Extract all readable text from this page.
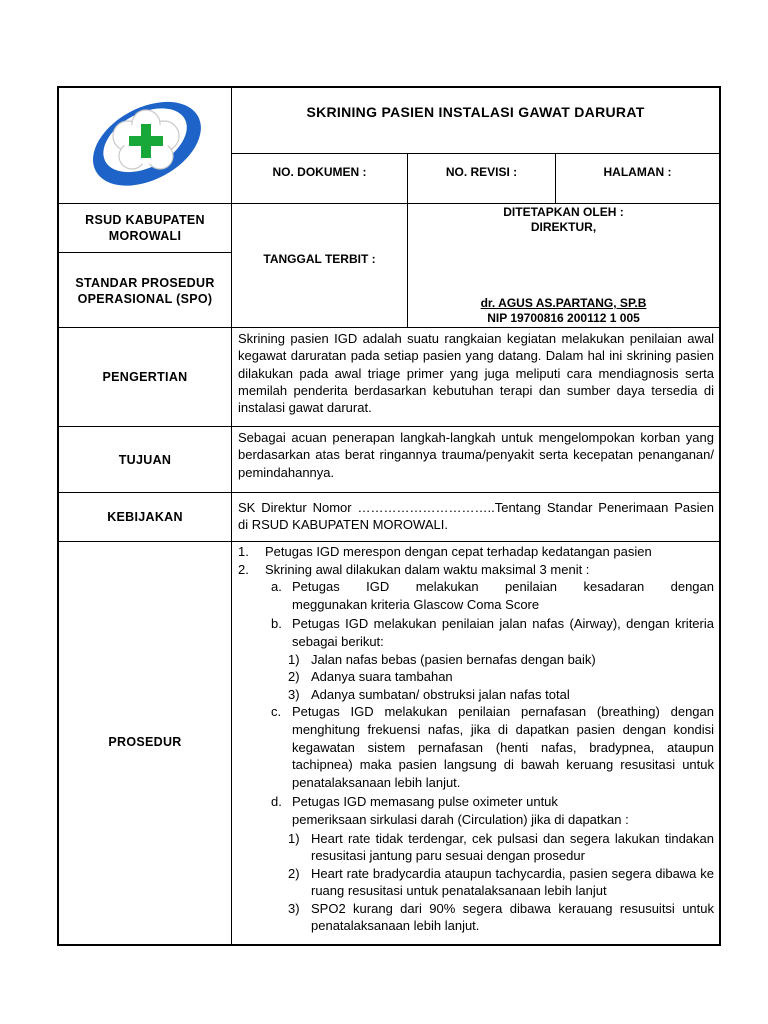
SKRINING PASIEN INSTALASI GAWAT DARURAT
NO. DOKUMEN :	NO. REVISI :	HALAMAN :
RSUD KABUPATEN
MOROWALI
STANDAR PROSEDUR
OPERASIONAL (SPO)
TANGGAL TERBIT :
DITETAPKAN OLEH :
DIREKTUR,
dr. AGUS AS.PARTANG, SP.B
NIP 19700816 200112 1 005
PENGERTIAN
TUJUAN
KEBIJAKAN
PROSEDUR
Skrining pasien IGD adalah suatu rangkaian kegiatan melakukan penilaian awal kegawat daruratan pada setiap pasien yang datang. Dalam hal ini skrining pasien dilakukan pada awal triage primer yang juga meliputi cara mendiagnosis serta memilah penderita berdasarkan kebutuhan terapi dan sumber daya tersedia di instalasi gawat darurat.
Sebagai acuan penerapan langkah-langkah untuk mengelompokan korban yang berdasarkan atas berat ringannya trauma/penyakit serta kecepatan penanganan/ pemindahannya.
SK Direktur Nomor …………………………..Tentang Standar Penerimaan Pasien di RSUD KABUPATEN MOROWALI.
1. Petugas IGD merespon dengan cepat terhadap kedatangan pasien
2. Skrining awal dilakukan dalam waktu maksimal 3 menit :
a. Petugas IGD melakukan penilaian kesadaran dengan
meggunakan kriteria Glascow Coma Score
b. Petugas IGD melakukan penilaian jalan nafas (Airway), dengan kriteria sebagai berikut:
1) Jalan nafas bebas (pasien bernafas dengan baik)
2) Adanya suara tambahan
3) Adanya sumbatan/ obstruksi jalan nafas total
c. Petugas IGD melakukan penilaian pernafasan (breathing) dengan menghitung frekuensi nafas, jika di dapatkan pasien dengan kondisi kegawatan sistem pernafasan (henti nafas, bradypnea, ataupun tachipnea) maka pasien langsung di bawah keruang resusitasi untuk penatalaksanaan lebih lanjut.
d. Petugas IGD memasang pulse oximeter untuk
pemeriksaan sirkulasi darah (Circulation) jika di dapatkan :
1) Heart rate tidak terdengar, cek pulsasi dan segera lakukan tindakan resusitasi jantung paru sesuai dengan prosedur
2) Heart rate bradycardia ataupun tachycardia, pasien segera dibawa ke ruang resusitasi untuk penatalaksanaan lebih lanjut
3) SPO2 kurang dari 90% segera dibawa kerauang resusuitsi untuk penatalaksanaan lebih lanjut.
